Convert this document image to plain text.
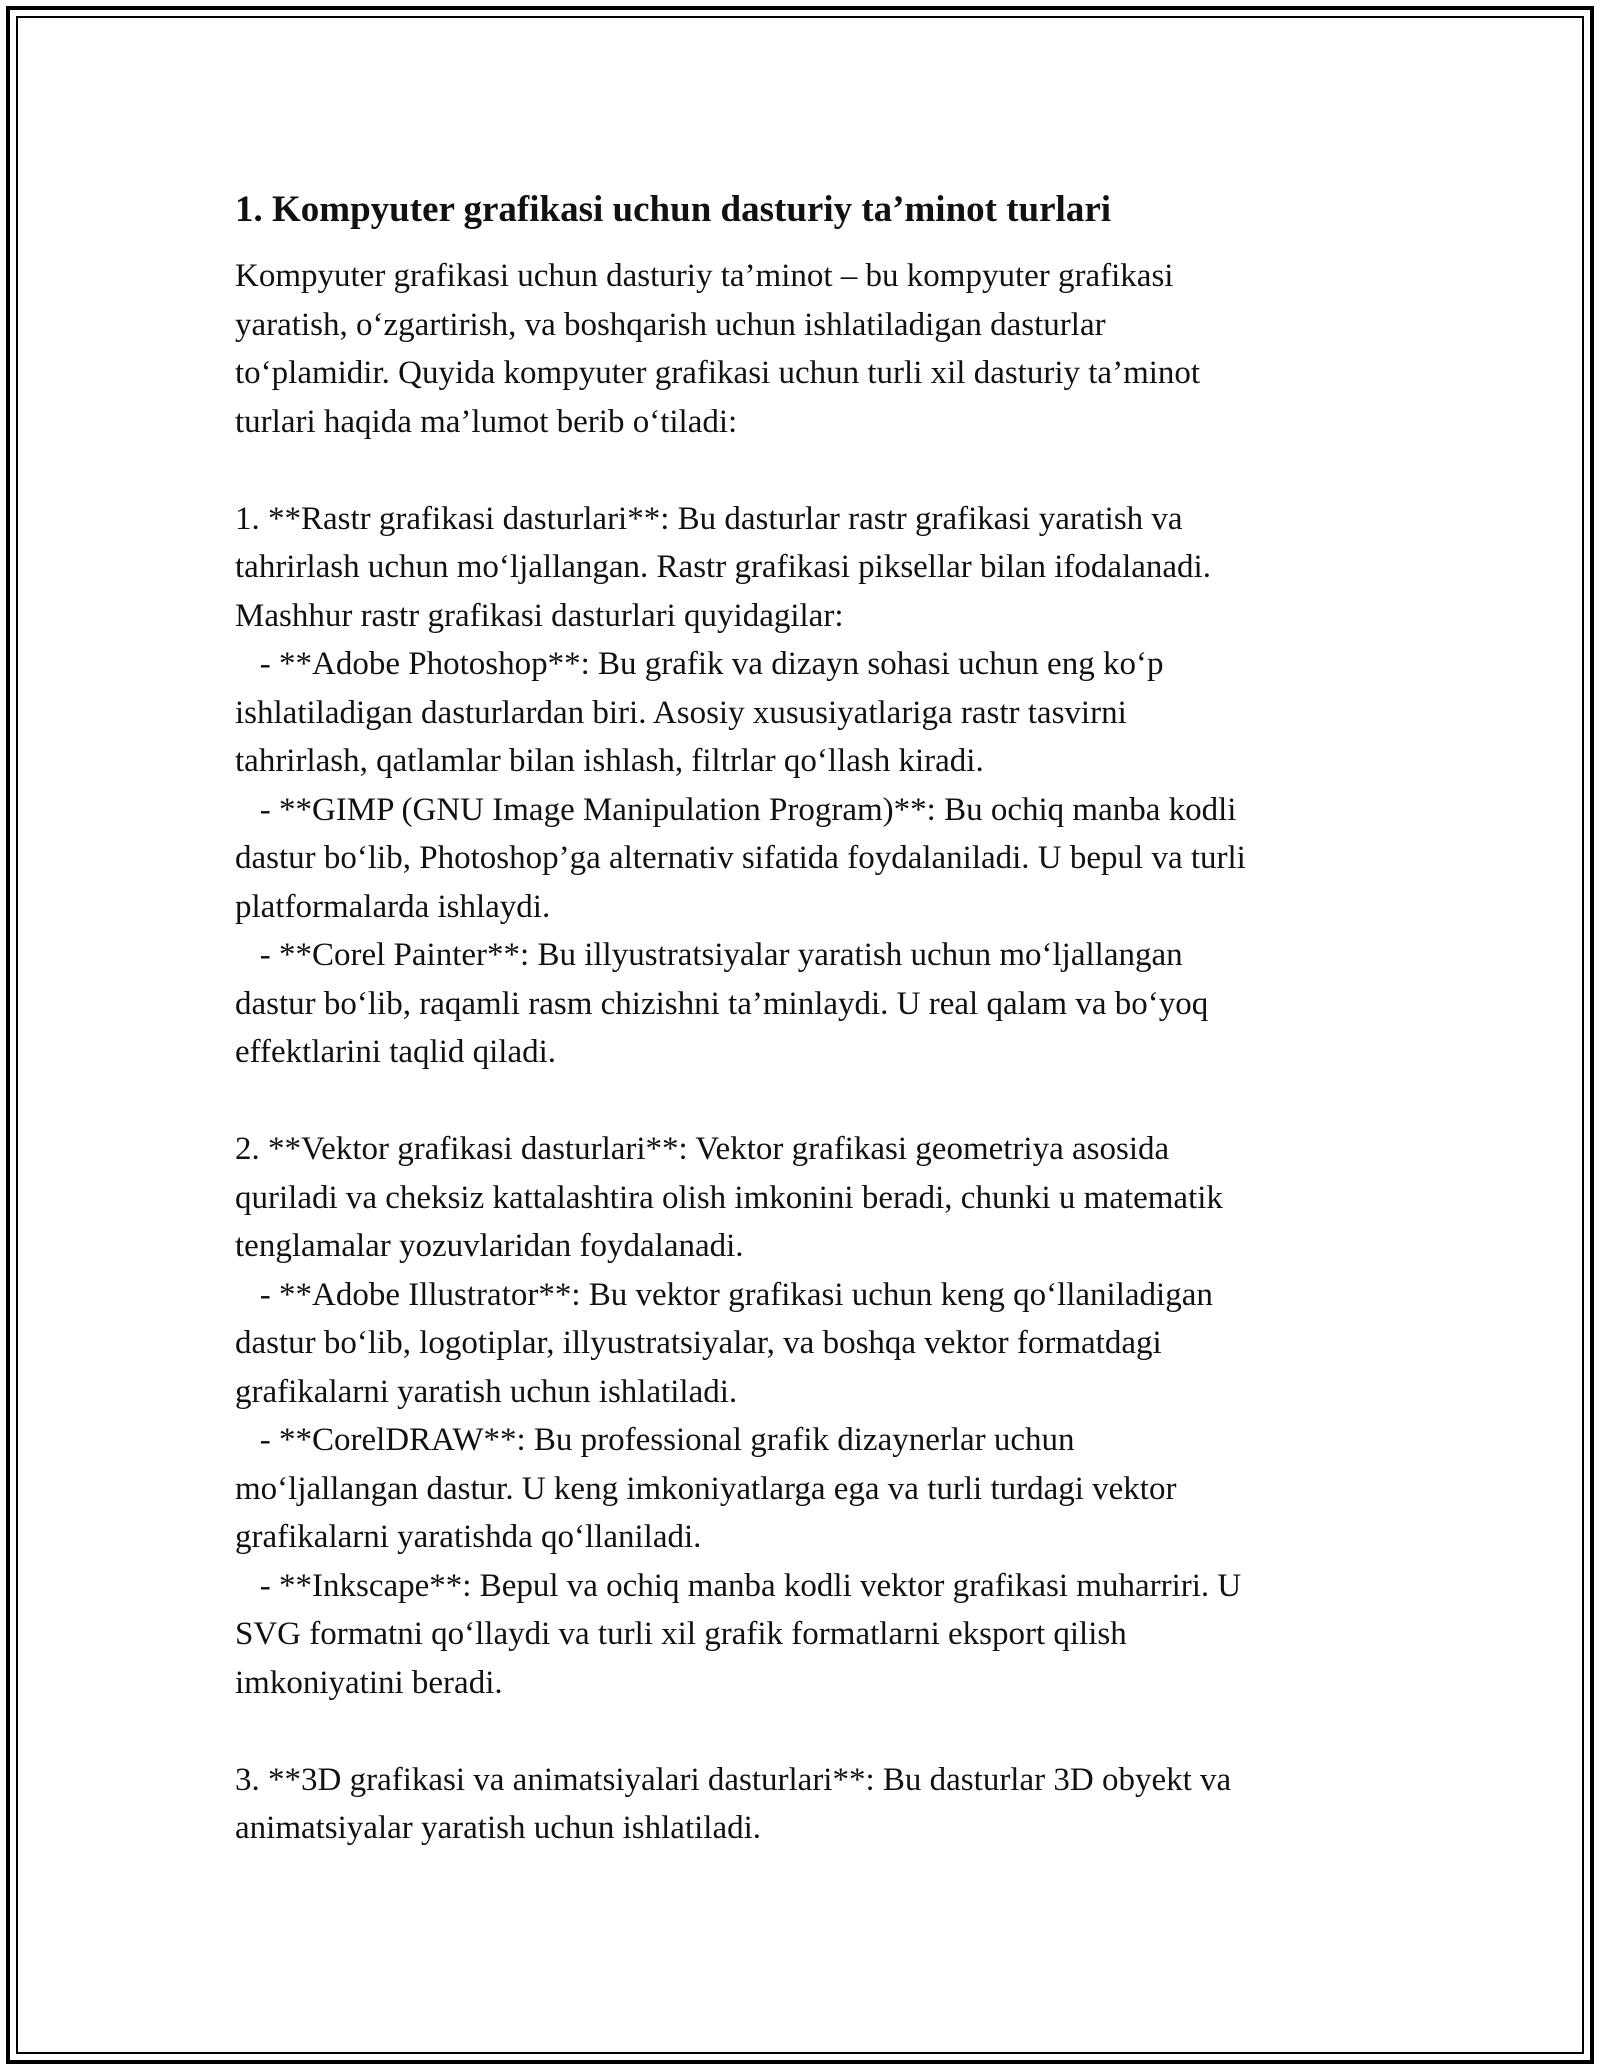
1. Kompyuter grafikasi uchun dasturiy ta’minot turlari
Kompyuter grafikasi uchun dasturiy ta’minot – bu kompyuter grafikasi
yaratish, o‘zgartirish, va boshqarish uchun ishlatiladigan dasturlar
to‘plamidir. Quyida kompyuter grafikasi uchun turli xil dasturiy ta’minot
turlari haqida ma’lumot berib o‘tiladi:
1. **Rastr grafikasi dasturlari**: Bu dasturlar rastr grafikasi yaratish va
tahrirlash uchun mo‘ljallangan. Rastr grafikasi piksellar bilan ifodalanadi.
Mashhur rastr grafikasi dasturlari quyidagilar:
- **Adobe Photoshop**: Bu grafik va dizayn sohasi uchun eng ko‘p
ishlatiladigan dasturlardan biri. Asosiy xususiyatlariga rastr tasvirni
tahrirlash, qatlamlar bilan ishlash, filtrlar qo‘llash kiradi.
- **GIMP (GNU Image Manipulation Program)**: Bu ochiq manba kodli
dastur bo‘lib, Photoshop’ga alternativ sifatida foydalaniladi. U bepul va turli
platformalarda ishlaydi.
- **Corel Painter**: Bu illyustratsiyalar yaratish uchun mo‘ljallangan
dastur bo‘lib, raqamli rasm chizishni ta’minlaydi. U real qalam va bo‘yoq
effektlarini taqlid qiladi.
2. **Vektor grafikasi dasturlari**: Vektor grafikasi geometriya asosida
quriladi va cheksiz kattalashtira olish imkonini beradi, chunki u matematik
tenglamalar yozuvlaridan foydalanadi.
- **Adobe Illustrator**: Bu vektor grafikasi uchun keng qo‘llaniladigan
dastur bo‘lib, logotiplar, illyustratsiyalar, va boshqa vektor formatdagi
grafikalarni yaratish uchun ishlatiladi.
- **CorelDRAW**: Bu professional grafik dizaynerlar uchun
mo‘ljallangan dastur. U keng imkoniyatlarga ega va turli turdagi vektor
grafikalarni yaratishda qo‘llaniladi.
- **Inkscape**: Bepul va ochiq manba kodli vektor grafikasi muharriri. U
SVG formatni qo‘llaydi va turli xil grafik formatlarni eksport qilish
imkoniyatini beradi.
3. **3D grafikasi va animatsiyalari dasturlari**: Bu dasturlar 3D obyekt va
animatsiyalar yaratish uchun ishlatiladi.
